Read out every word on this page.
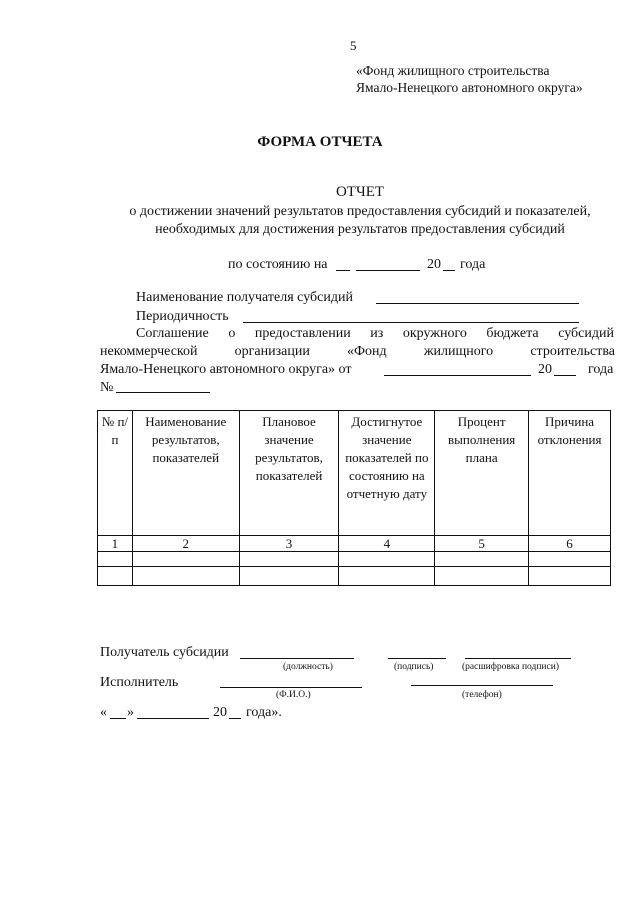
5
«Фонд жилищного строительства
Ямало-Ненецкого автономного округа»
ФОРМА ОТЧЕТА
ОТЧЕТ
о достижении значений результатов предоставления субсидий и показателей,
необходимых для достижения результатов предоставления субсидий
по состоянию на	20 года
Наименование получателя субсидий
Периодичность
Соглашение о предоставлении из окружного бюджета субсидий
некоммерческой	организации	«Фонд	жилищного	строительства
Ямало-Ненецкого автономного округа» от	20	года
№
№ п/п	Наименование результатов, показателей	Плановое значение результатов, показателей	Достигнутое значение показателей по состоянию на отчетную дату	Процент выполнения плана	Причина отклонения
1	2	3	4	5	6

Получатель субсидии
(должность)	(подпись)	(расшифровка подписи)
Исполнитель
(Ф.И.О.)	(телефон)
« »	20 года».
